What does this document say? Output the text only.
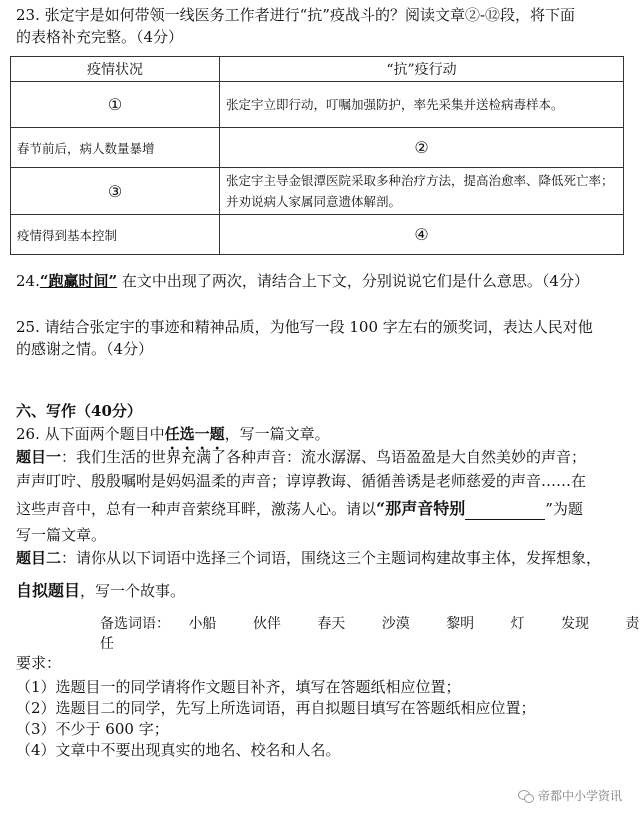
23. 张定宇是如何带领一线医务工作者进行“抗”疫战斗的？阅读文章②-⑫段，将下面
的表格补充完整。（4分）
疫情状况	“抗”疫行动
①	张定宇立即行动，叮嘱加强防护，率先采集并送检病毒样本。
春节前后，病人数量暴增	②
③	张定宇主导金银潭医院采取多种治疗方法，提高治愈率、降低死亡率；并劝说病人家属同意遗体解剖。
疫情得到基本控制	④
24.“跑赢时间” 在文中出现了两次，请结合上下文，分别说说它们是什么意思。（4分）
25. 请结合张定宇的事迹和精神品质，为他写一段 100 字左右的颁奖词，表达人民对他
的感谢之情。（4分）
六、写作（40分）
26. 从下面两个题目中任选一题，写一篇文章。
题目一：我们生活的世界充满了各种声音：流水潺潺、鸟语盈盈是大自然美妙的声音；
声声叮咛、殷殷嘱咐是妈妈温柔的声音；谆谆教诲、循循善诱是老师慈爱的声音……在
这些声音中，总有一种声音萦绕耳畔，激荡人心。请以“那声音特别	”为题
写一篇文章。
题目二：请你从以下词语中选择三个词语，围绕这三个主题词构建故事主体，发挥想象，
自拟题目，写一个故事。
备选词语： 小船	伙伴	春天	沙漠	黎明	灯	发现	责任
要求：
（1）选题目一的同学请将作文题目补齐，填写在答题纸相应位置；
（2）选题目二的同学，先写上所选词语，再自拟题目填写在答题纸相应位置；
（3）不少于 600 字；
（4）文章中不要出现真实的地名、校名和人名。
帝都中小学资讯
